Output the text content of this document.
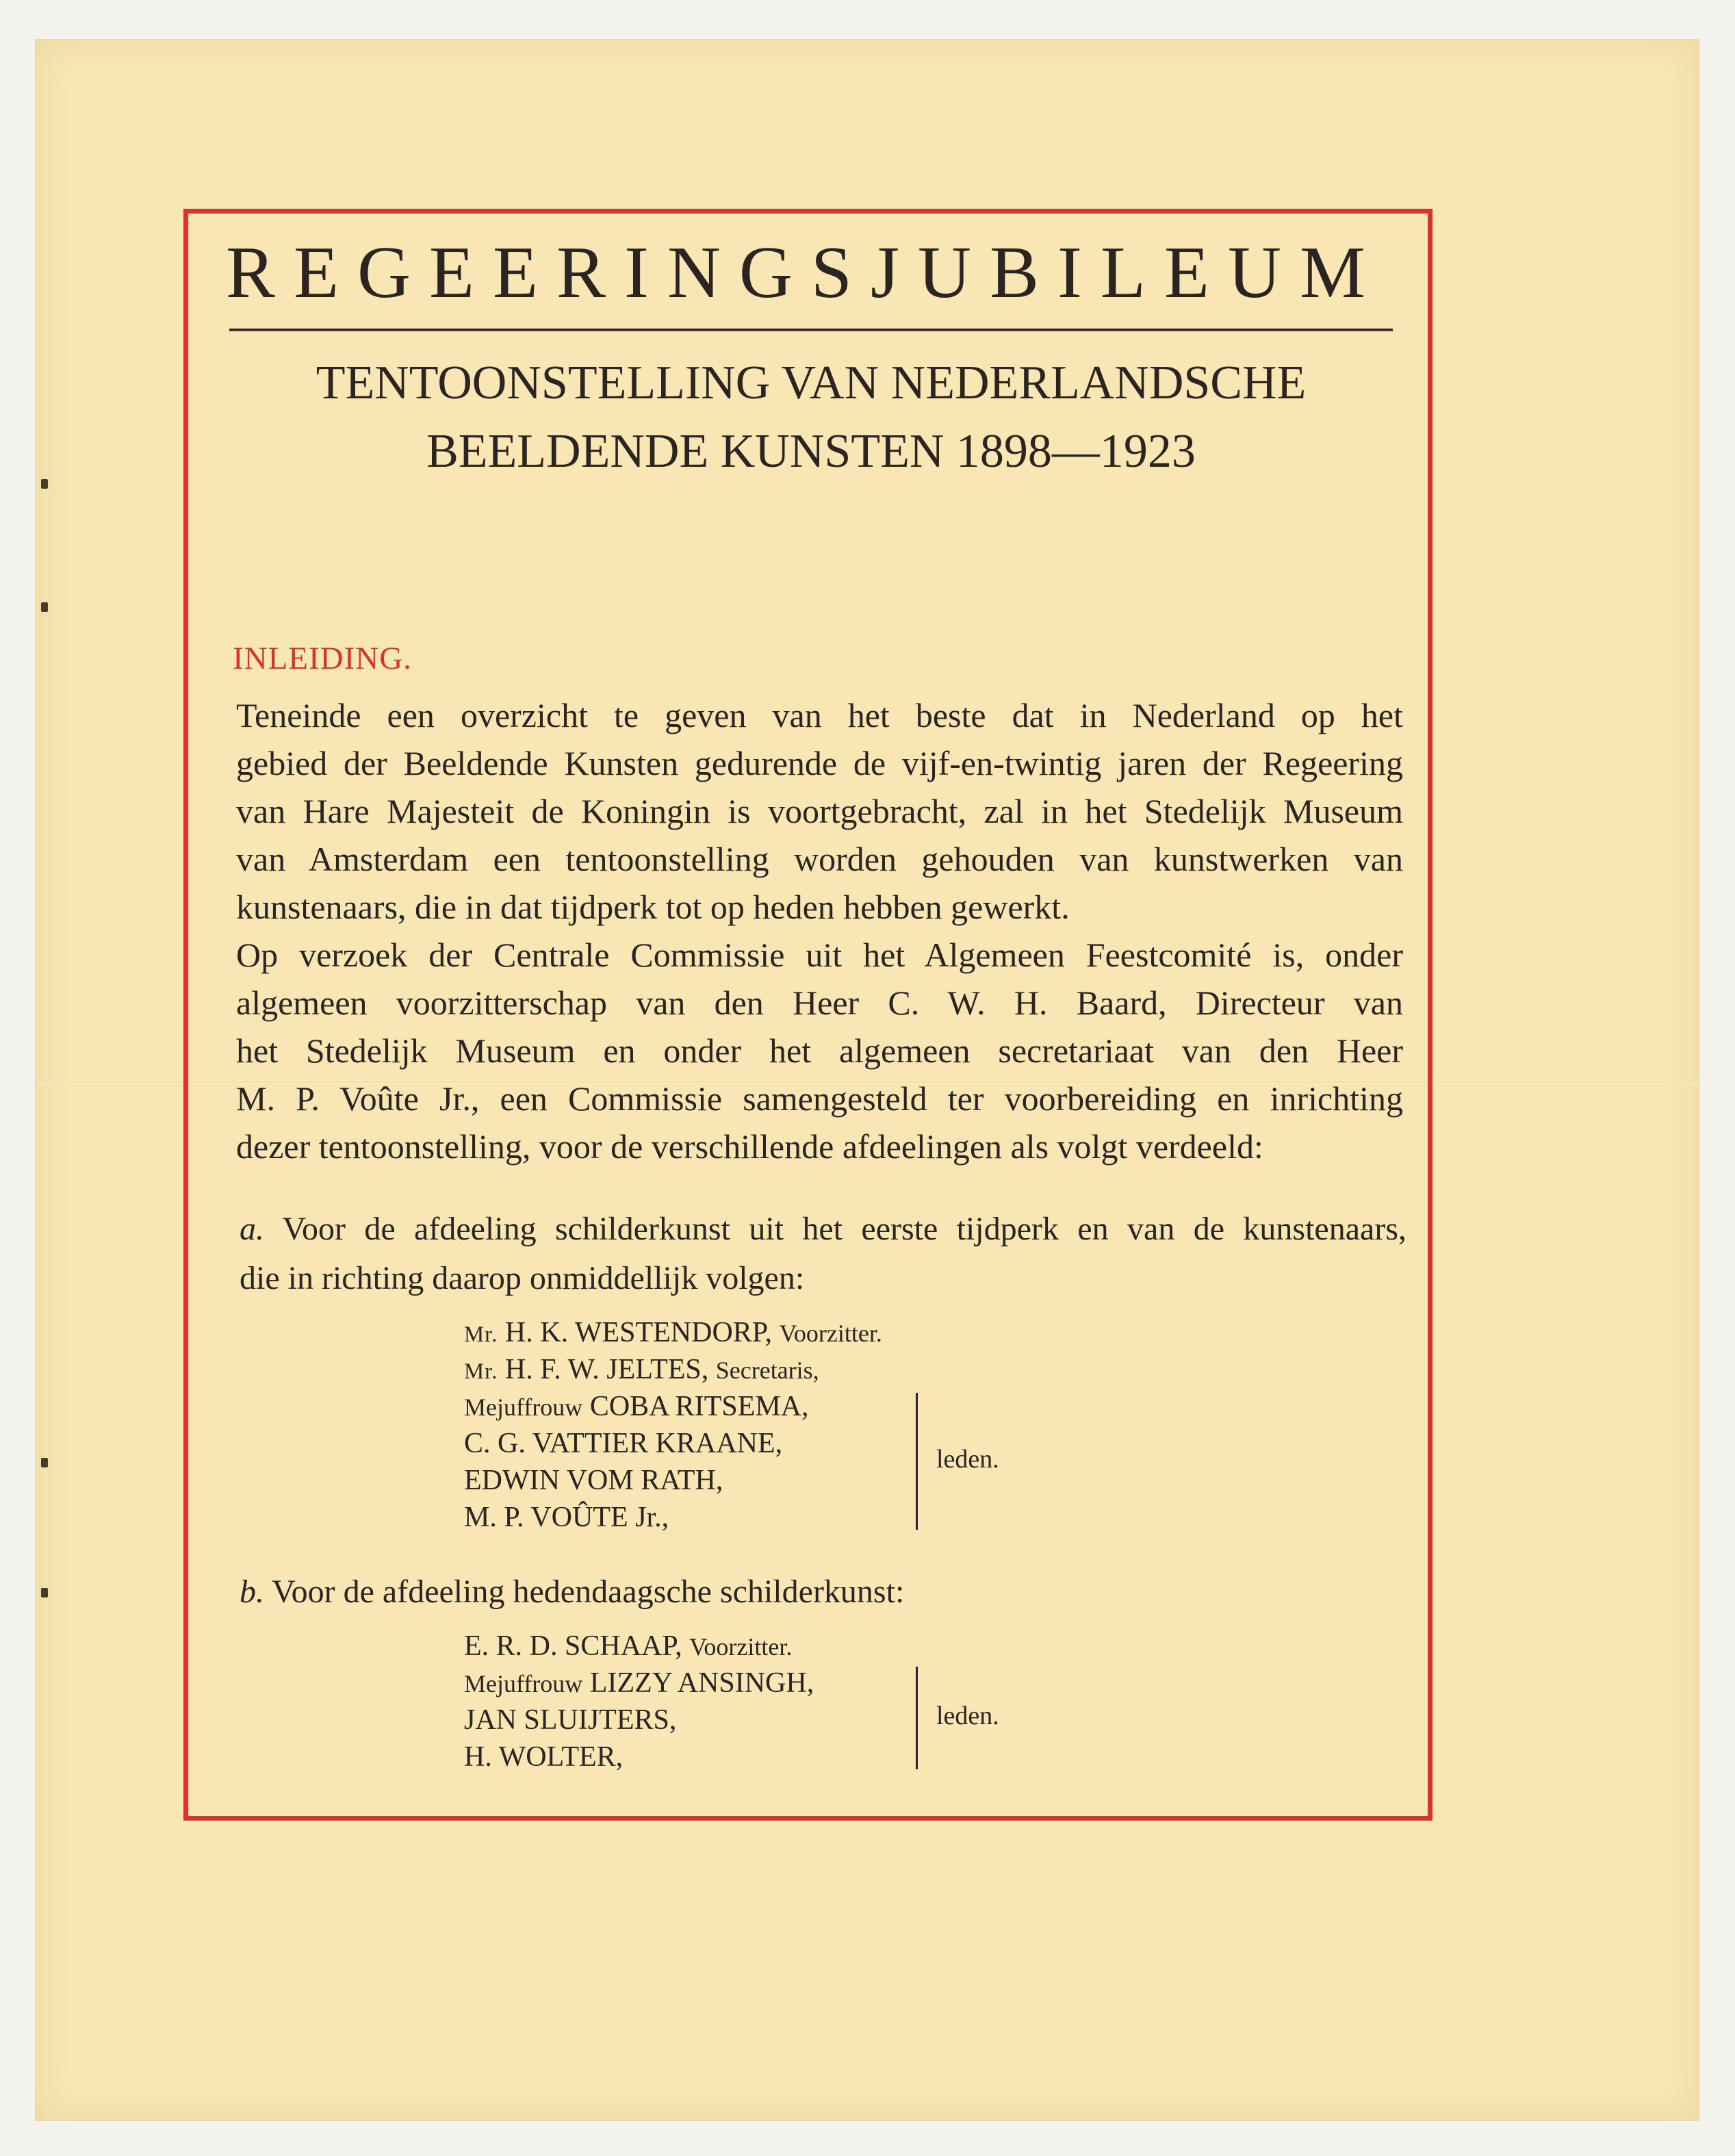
REGEERINGSJUBILEUM
TENTOONSTELLING VAN NEDERLANDSCHE
BEELDENDE KUNSTEN 1898—1923
INLEIDING.
Teneinde een overzicht te geven van het beste dat in Nederland op het
gebied der Beeldende Kunsten gedurende de vijf-en-twintig jaren der Regeering
van Hare Majesteit de Koningin is voortgebracht, zal in het Stedelijk Museum
van Amsterdam een tentoonstelling worden gehouden van kunstwerken van
kunstenaars, die in dat tijdperk tot op heden hebben gewerkt.
Op verzoek der Centrale Commissie uit het Algemeen Feestcomité is, onder
algemeen voorzitterschap van den Heer C. W. H. Baard, Directeur van
het Stedelijk Museum en onder het algemeen secretariaat van den Heer
M. P. Voûte Jr., een Commissie samengesteld ter voorbereiding en inrichting
dezer tentoonstelling, voor de verschillende afdeelingen als volgt verdeeld:
a. Voor de afdeeling schilderkunst uit het eerste tijdperk en van de kunstenaars,
die in richting daarop onmiddellijk volgen:
Mr. H. K. WESTENDORP, Voorzitter.
Mr. H. F. W. JELTES, Secretaris,
Mejuffrouw COBA RITSEMA,
C. G. VATTIER KRAANE,
EDWIN VOM RATH,
M. P. VOÛTE Jr.,
leden.
b. Voor de afdeeling hedendaagsche schilderkunst:
E. R. D. SCHAAP, Voorzitter.
Mejuffrouw LIZZY ANSINGH,
JAN SLUIJTERS,
H. WOLTER,
leden.
